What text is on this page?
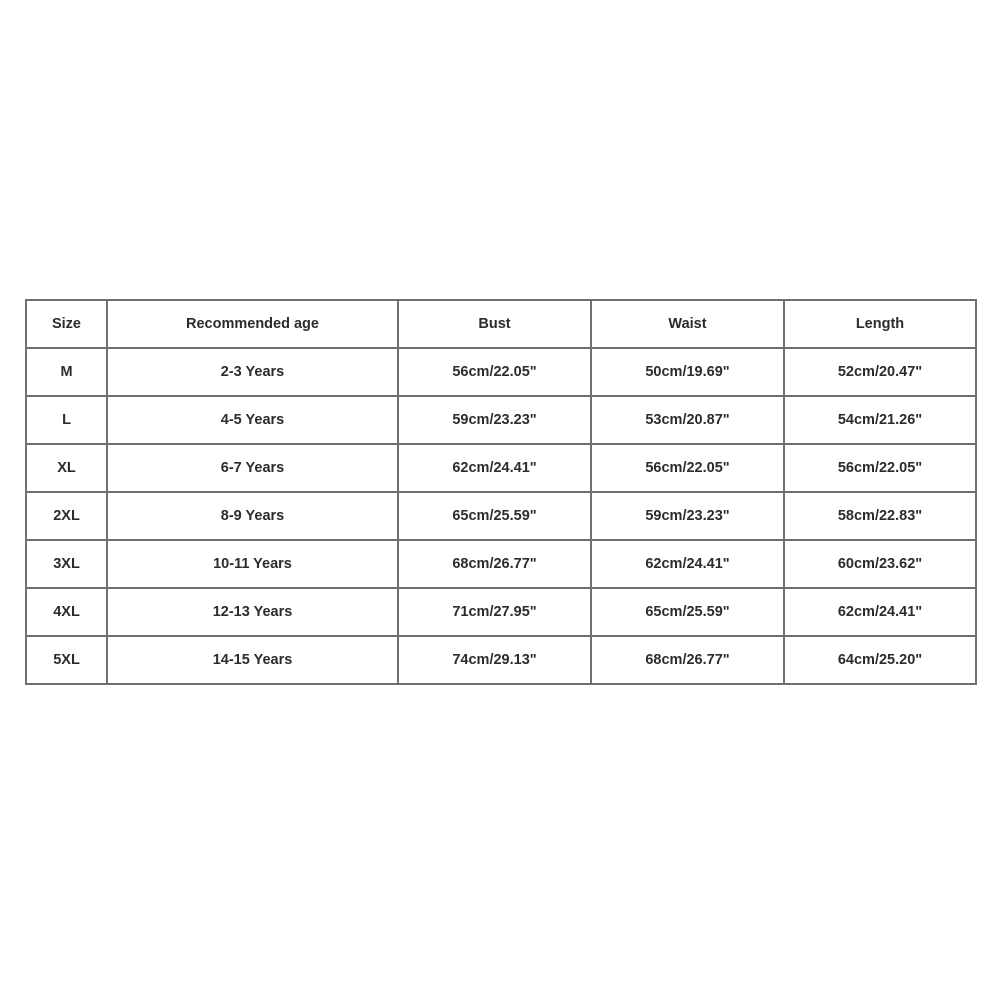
Size	Recommended age	Bust	Waist	Length
M	2-3 Years	56cm/22.05"	50cm/19.69"	52cm/20.47"
L	4-5 Years	59cm/23.23"	53cm/20.87"	54cm/21.26"
XL	6-7 Years	62cm/24.41"	56cm/22.05"	56cm/22.05"
2XL	8-9 Years	65cm/25.59"	59cm/23.23"	58cm/22.83"
3XL	10-11 Years	68cm/26.77"	62cm/24.41"	60cm/23.62"
4XL	12-13 Years	71cm/27.95"	65cm/25.59"	62cm/24.41"
5XL	14-15 Years	74cm/29.13"	68cm/26.77"	64cm/25.20"
